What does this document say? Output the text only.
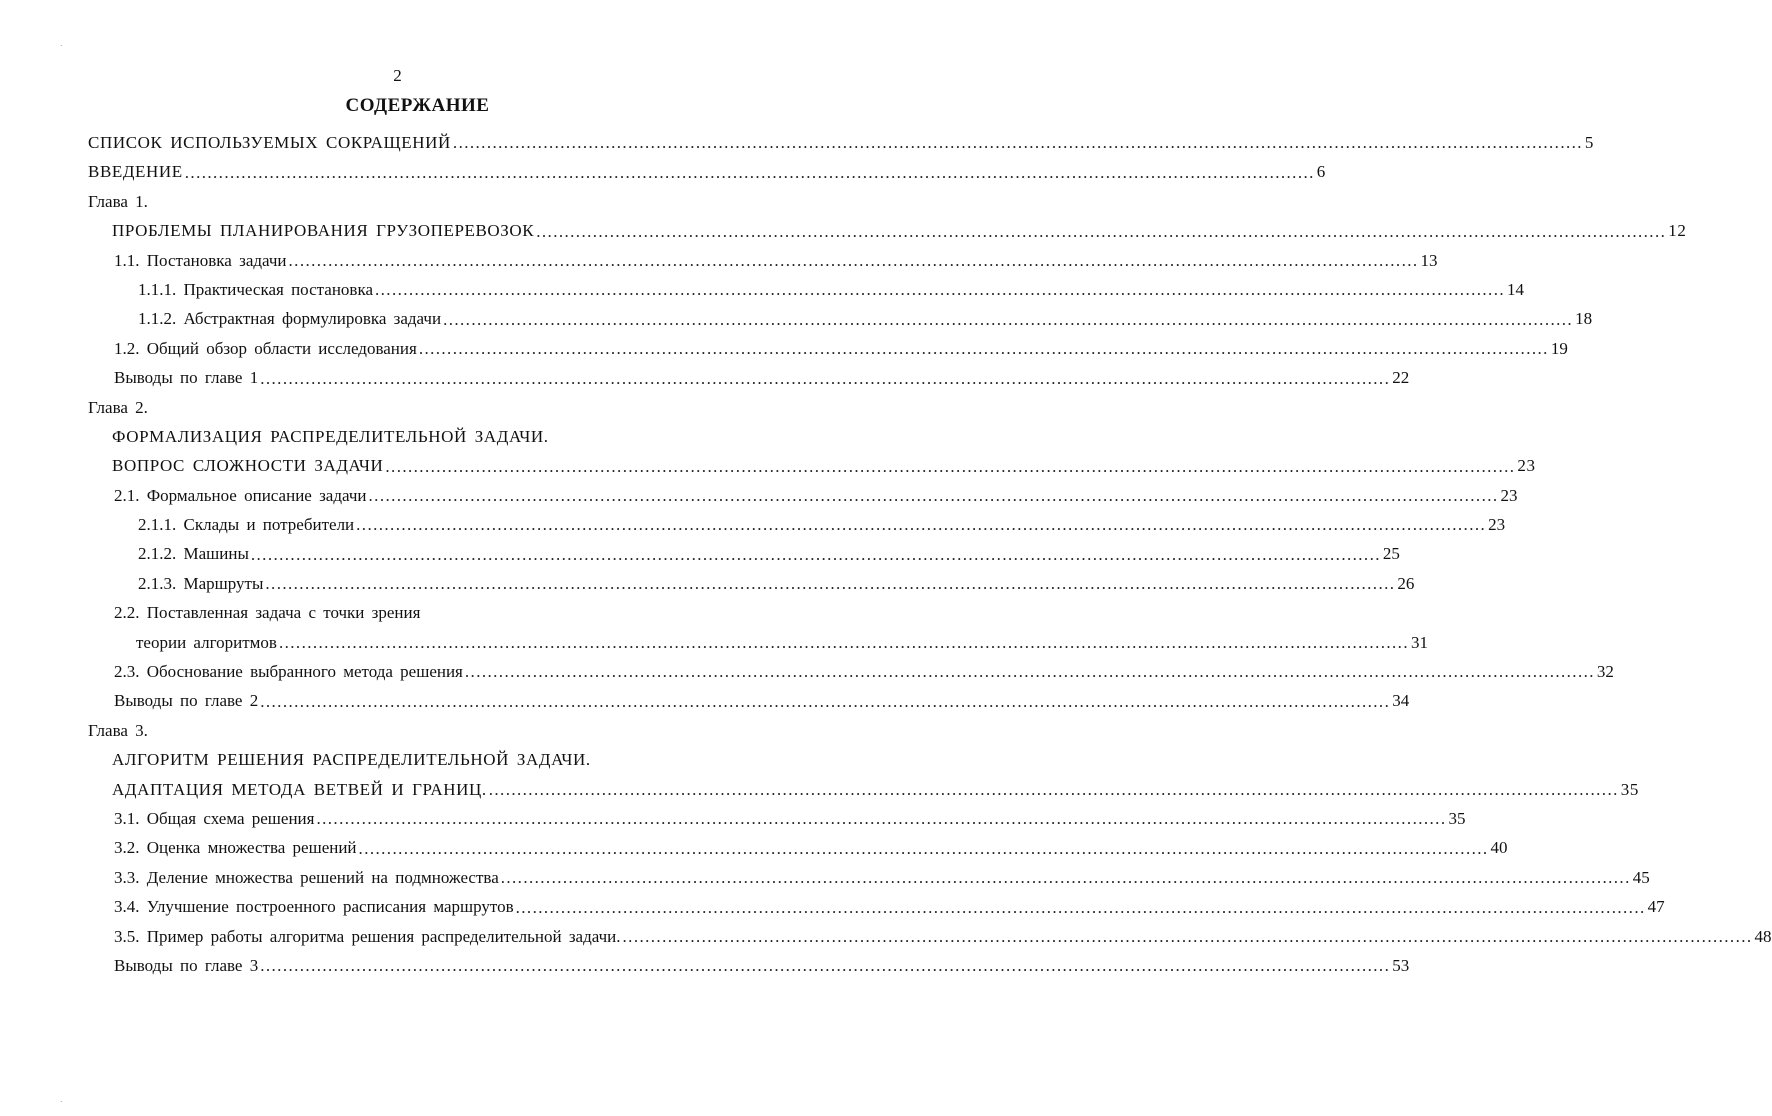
2
СОДЕРЖАНИЕ
СПИСОК ИСПОЛЬЗУЕМЫХ СОКРАЩЕНИЙ ........................................................................................................................................................................................................ 5
ВВЕДЕНИЕ ........................................................................................................................................................................................................ 6
Глава 1.
ПРОБЛЕМЫ ПЛАНИРОВАНИЯ ГРУЗОПЕРЕВОЗОК ........................................................................................................................................................................................................ 12
1.1. Постановка задачи ........................................................................................................................................................................................................ 13
1.1.1. Практическая постановка ........................................................................................................................................................................................................ 14
1.1.2. Абстрактная формулировка задачи ........................................................................................................................................................................................................ 18
1.2. Общий обзор области исследования ........................................................................................................................................................................................................ 19
Выводы по главе 1 ........................................................................................................................................................................................................ 22
Глава 2.
ФОРМАЛИЗАЦИЯ РАСПРЕДЕЛИТЕЛЬНОЙ ЗАДАЧИ.
ВОПРОС СЛОЖНОСТИ ЗАДАЧИ ........................................................................................................................................................................................................ 23
2.1. Формальное описание задачи ........................................................................................................................................................................................................ 23
2.1.1. Склады и потребители ........................................................................................................................................................................................................ 23
2.1.2. Машины ........................................................................................................................................................................................................ 25
2.1.3. Маршруты ........................................................................................................................................................................................................ 26
2.2. Поставленная задача с точки зрения
теории алгоритмов ........................................................................................................................................................................................................ 31
2.3. Обоснование выбранного метода решения ........................................................................................................................................................................................................ 32
Выводы по главе 2 ........................................................................................................................................................................................................ 34
Глава 3.
АЛГОРИТМ РЕШЕНИЯ РАСПРЕДЕЛИТЕЛЬНОЙ ЗАДАЧИ.
АДАПТАЦИЯ МЕТОДА ВЕТВЕЙ И ГРАНИЦ. ........................................................................................................................................................................................................ 35
3.1. Общая схема решения ........................................................................................................................................................................................................ 35
3.2. Оценка множества решений ........................................................................................................................................................................................................ 40
3.3. Деление множества решений на подмножества ........................................................................................................................................................................................................ 45
3.4. Улучшение построенного расписания маршрутов ........................................................................................................................................................................................................ 47
3.5. Пример работы алгоритма решения распределительной задачи. ........................................................................................................................................................................................................ 48
Выводы по главе 3 ........................................................................................................................................................................................................ 53
·
·
